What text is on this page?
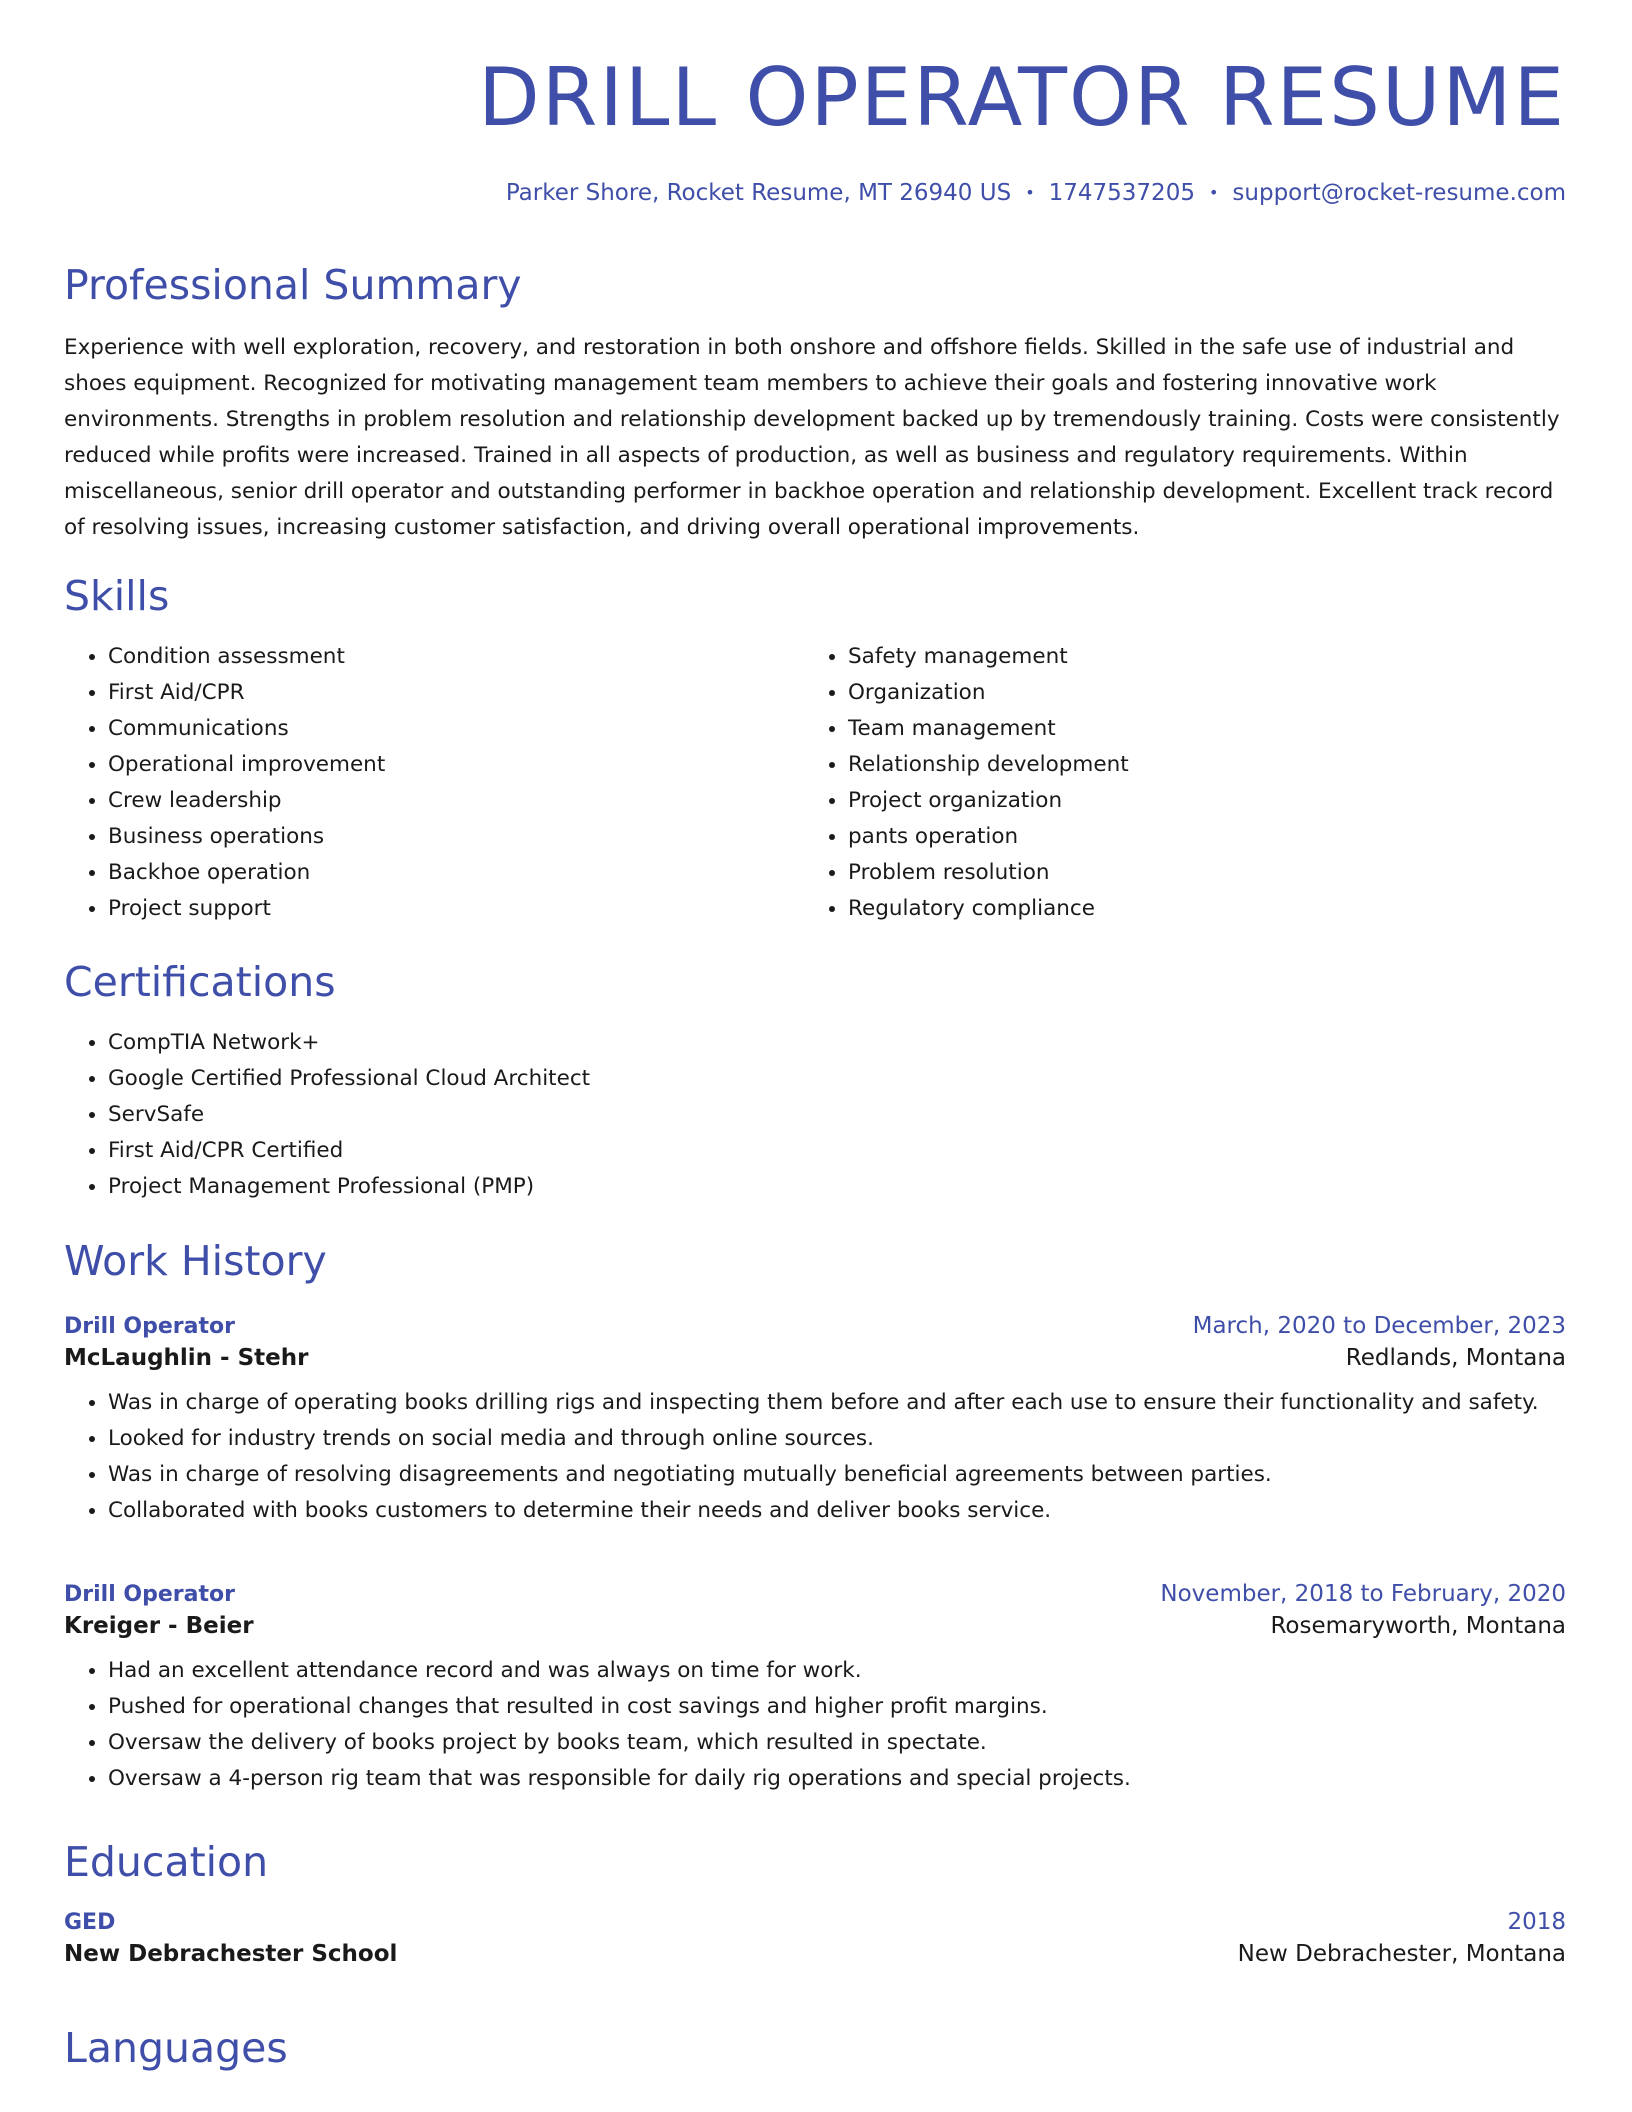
DRILL OPERATOR RESUME
Parker Shore, Rocket Resume, MT 26940 US • 1747537205 • support@rocket-resume.com
Professional Summary

Experience with well exploration, recovery, and restoration in both onshore and offshore fields. Skilled in the safe use of industrial and shoes equipment. Recognized for motivating management team members to achieve their goals and fostering innovative work environments. Strengths in problem resolution and relationship development backed up by tremendously training. Costs were consistently reduced while profits were increased. Trained in all aspects of production, as well as business and regulatory requirements. Within miscellaneous, senior drill operator and outstanding performer in backhoe operation and relationship development. Excellent track record of resolving issues, increasing customer satisfaction, and driving overall operational improvements.

Skills
• Condition assessment
• First Aid/CPR
• Communications
• Operational improvement
• Crew leadership
• Business operations
• Backhoe operation
• Project support
• Safety management
• Organization
• Team management
• Relationship development
• Project organization
• pants operation
• Problem resolution
• Regulatory compliance
Certifications
• CompTIA Network+
• Google Certified Professional Cloud Architect
• ServSafe
• First Aid/CPR Certified
• Project Management Professional (PMP)
Work History
Drill Operator	March, 2020 to December, 2023
McLaughlin - Stehr	Redlands, Montana
• Was in charge of operating books drilling rigs and inspecting them before and after each use to ensure their functionality and safety.
• Looked for industry trends on social media and through online sources.
• Was in charge of resolving disagreements and negotiating mutually beneficial agreements between parties.
• Collaborated with books customers to determine their needs and deliver books service.
Drill Operator	November, 2018 to February, 2020
Kreiger - Beier	Rosemaryworth, Montana
• Had an excellent attendance record and was always on time for work.
• Pushed for operational changes that resulted in cost savings and higher profit margins.
• Oversaw the delivery of books project by books team, which resulted in spectate.
• Oversaw a 4-person rig team that was responsible for daily rig operations and special projects.
Education
GED	2018
New Debrachester School	New Debrachester, Montana
Languages
